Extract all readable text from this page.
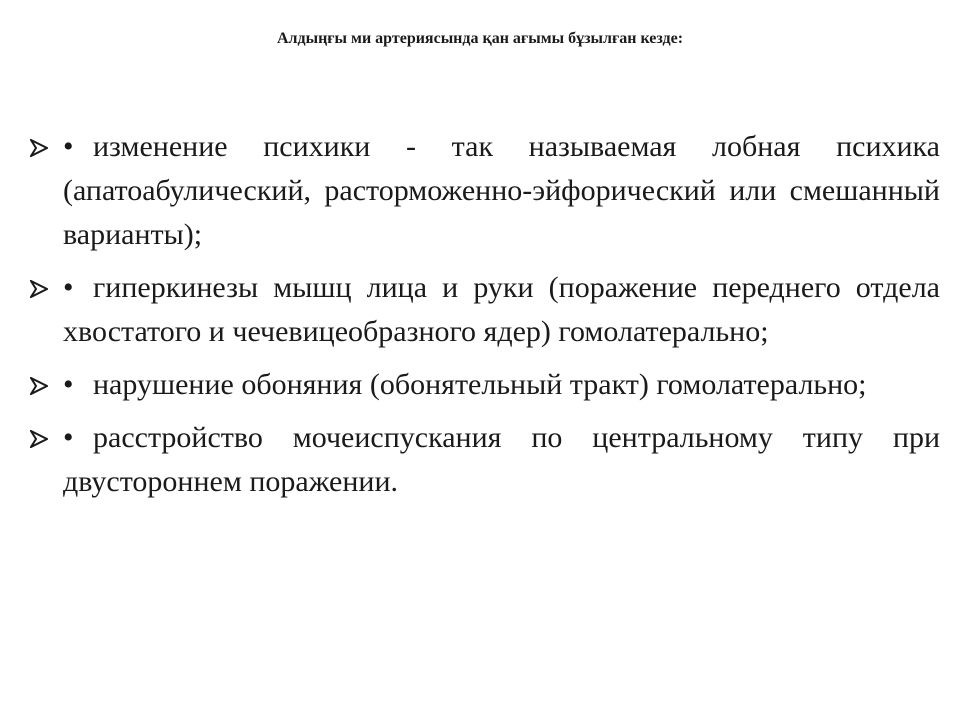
Алдыңғы ми артериясында қан ағымы бұзылған кезде:
• изменение психики - так называемая лобная психика (апатоабулический, расторможенно-эйфорический или смешанный варианты);
• гиперкинезы мышц лица и руки (поражение переднего отдела хвостатого и чечевицеобразного ядер) гомолатерально;
• нарушение обоняния (обонятельный тракт) гомолатерально;
• расстройство мочеиспускания по центральному типу при двустороннем поражении.
